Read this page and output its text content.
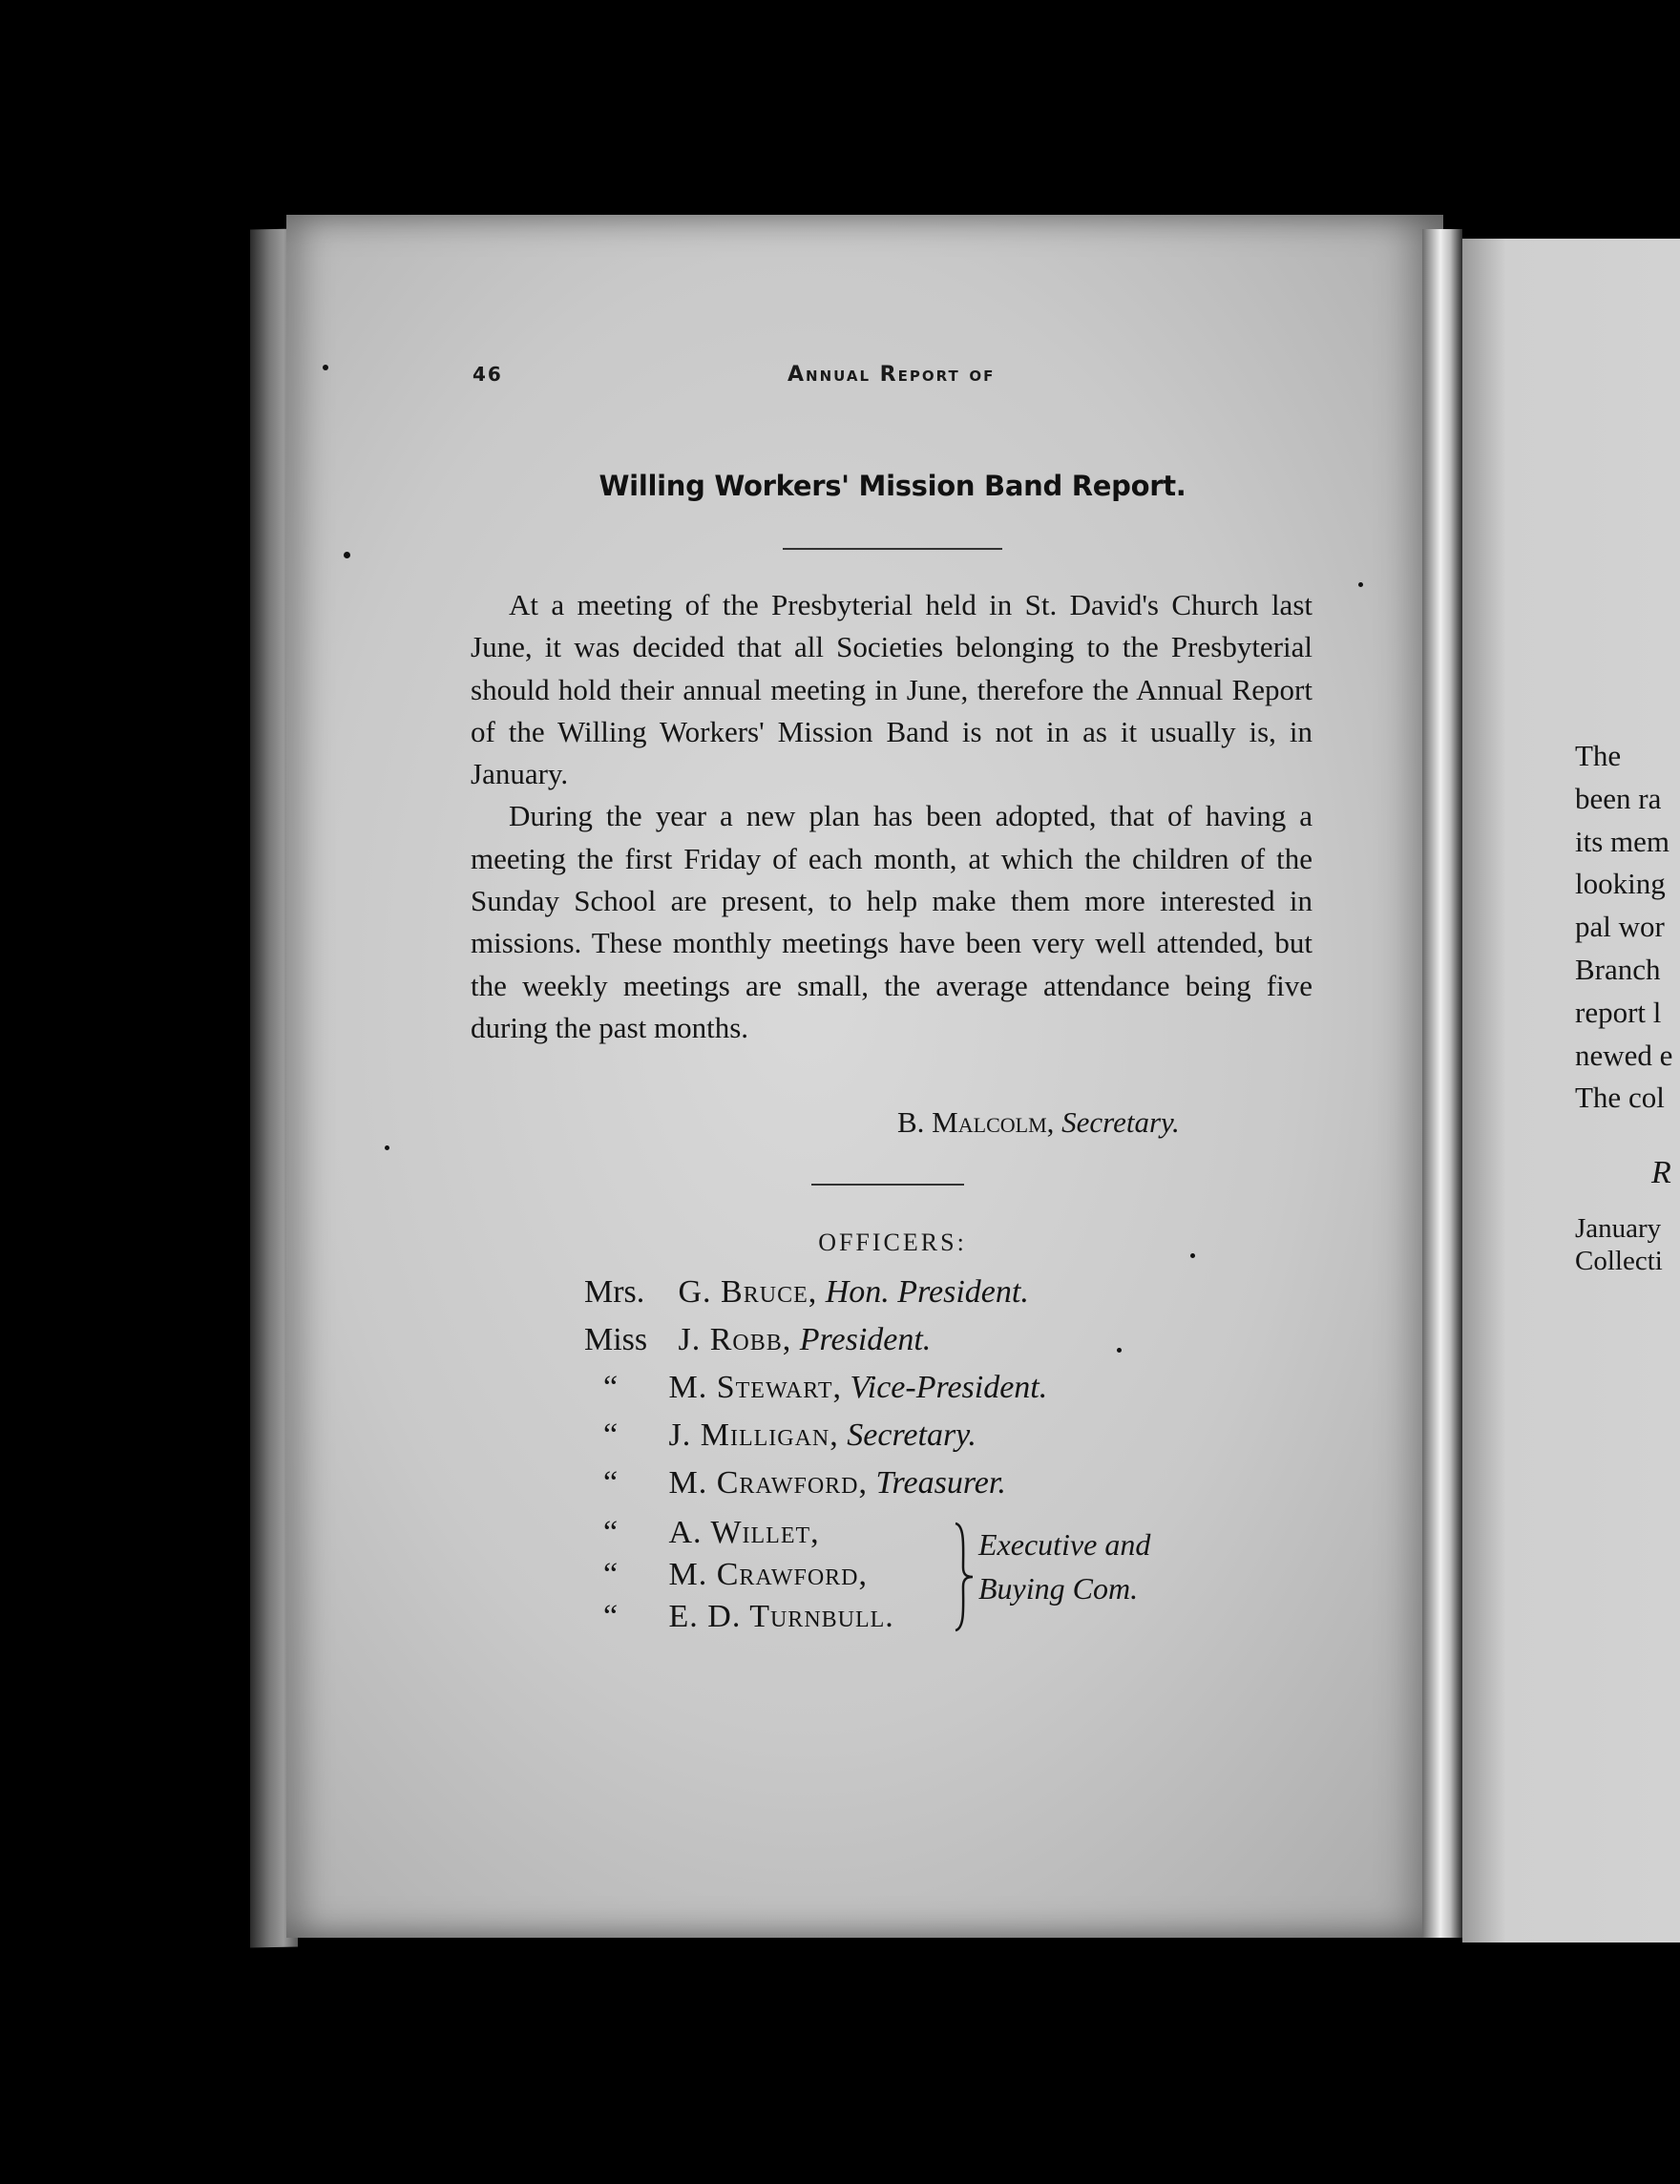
46	Annual Report of
Willing Workers' Mission Band Report.

At a meeting of the Presbyterial held in St. David's Church last June, it was decided that all Societies belonging to the Presbyterial should hold their annual meeting in June, therefore the Annual Report of the Willing Workers' Mission Band is not in as it usually is, in January.

During the year a new plan has been adopted, that of having a meeting the first Friday of each month, at which the children of the Sunday School are present, to help make them more interested in missions. These monthly meetings have been very well attended, but the weekly meetings are small, the average attendance being five during the past months.

B. Malcolm, Secretary.
OFFICERS:
Mrs. G. Bruce, Hon. President.
Miss J. Robb, President.
“ M. Stewart, Vice-President.
“ J. Milligan, Secretary.
“ M. Crawford, Treasurer.
“ A. Willet,
“ M. Crawford,
“ E. D. Turnbull.
Executive and
Buying Com.
The
been ra
its mem
looking
pal wor
Branch
report l
newed e
The col
R
January
Collecti
